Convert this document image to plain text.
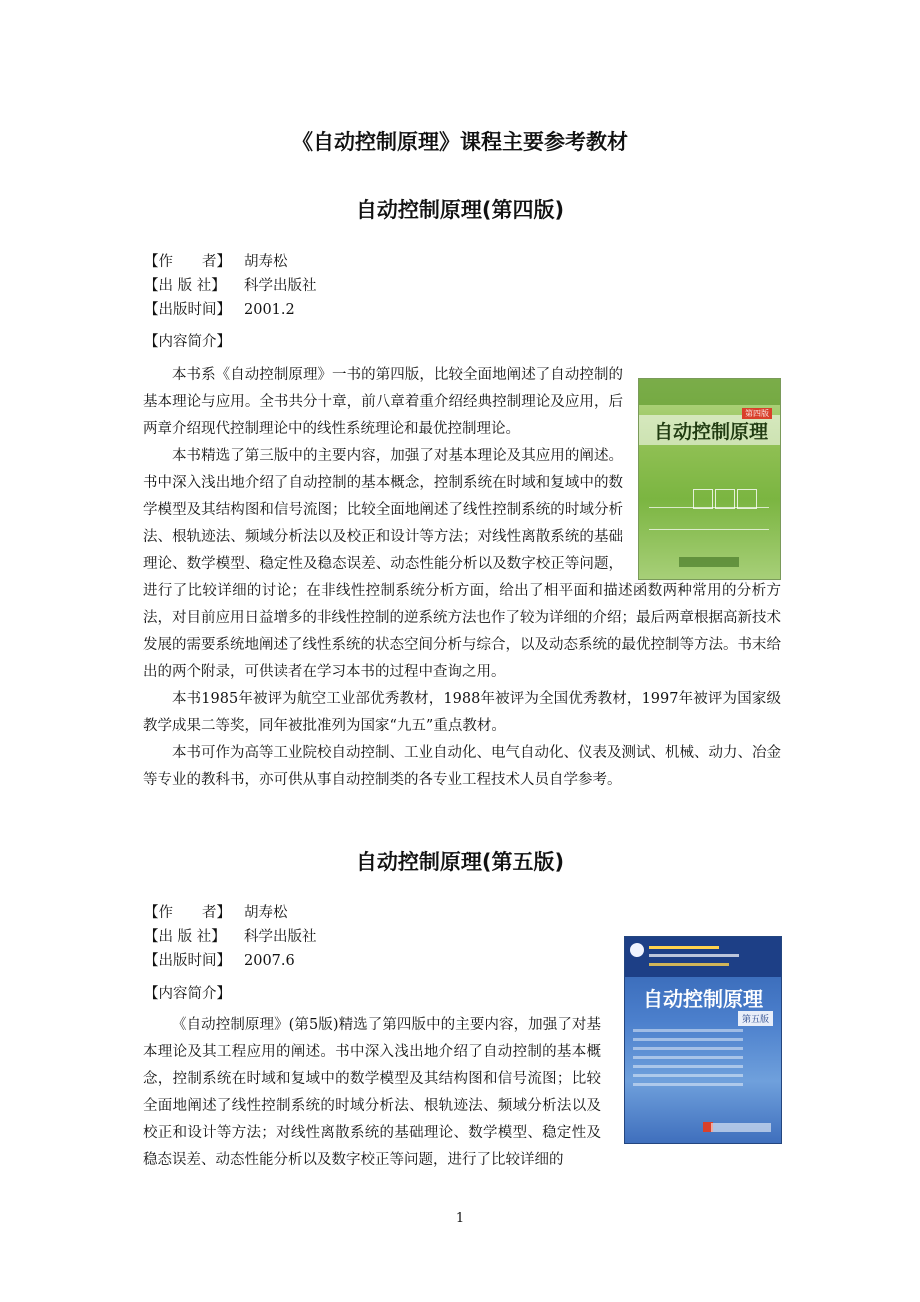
《自动控制原理》课程主要参考教材
自动控制原理(第四版)
【作　　者】 胡寿松
【出 版 社】 科学出版社
【出版时间】 2001.2
【内容简介】

本书系《自动控制原理》一书的第四版，比较全面地阐述了自动控制的基本理论与应用。全书共分十章，前八章着重介绍经典控制理论及应用，后两章介绍现代控制理论中的线性系统理论和最优控制理论。

本书精选了第三版中的主要内容，加强了对基本理论及其应用的阐述。书中深入浅出地介绍了自动控制的基本概念，控制系统在时域和复域中的数学模型及其结构图和信号流图；比较全面地阐述了线性控制系统的时域分析法、根轨迹法、频域分析法以及校正和设计等方法；对线性离散系统的基础理论、数学模型、稳定性及稳态误差、动态性能分析以及数字校正等问题，进行了比较详细的讨论；在非线性控制系统分析方面，给出了相平面和描述函数两种常用的分析方法，对目前应用日益增多的非线性控制的逆系统方法也作了较为详细的介绍；最后两章根据高新技术发展的需要系统地阐述了线性系统的状态空间分析与综合，以及动态系统的最优控制等方法。书末给出的两个附录，可供读者在学习本书的过程中查询之用。

本书1985年被评为航空工业部优秀教材，1988年被评为全国优秀教材，1997年被评为国家级教学成果二等奖，同年被批准列为国家“九五”重点教材。

本书可作为高等工业院校自动控制、工业自动化、电气自动化、仪表及测试、机械、动力、冶金等专业的教科书，亦可供从事自动控制类的各专业工程技术人员自学参考。

第四版
自动控制原理
自动控制原理(第五版)
【作　　者】 胡寿松
【出 版 社】 科学出版社
【出版时间】 2007.6
【内容简介】

《自动控制原理》(第5版)精选了第四版中的主要内容，加强了对基本理论及其工程应用的阐述。书中深入浅出地介绍了自动控制的基本概念，控制系统在时域和复域中的数学模型及其结构图和信号流图；比较全面地阐述了线性控制系统的时域分析法、根轨迹法、频域分析法以及校正和设计等方法；对线性离散系统的基础理论、数学模型、稳定性及稳态误差、动态性能分析以及数字校正等问题，进行了比较详细的

自动控制原理
第五版
1
